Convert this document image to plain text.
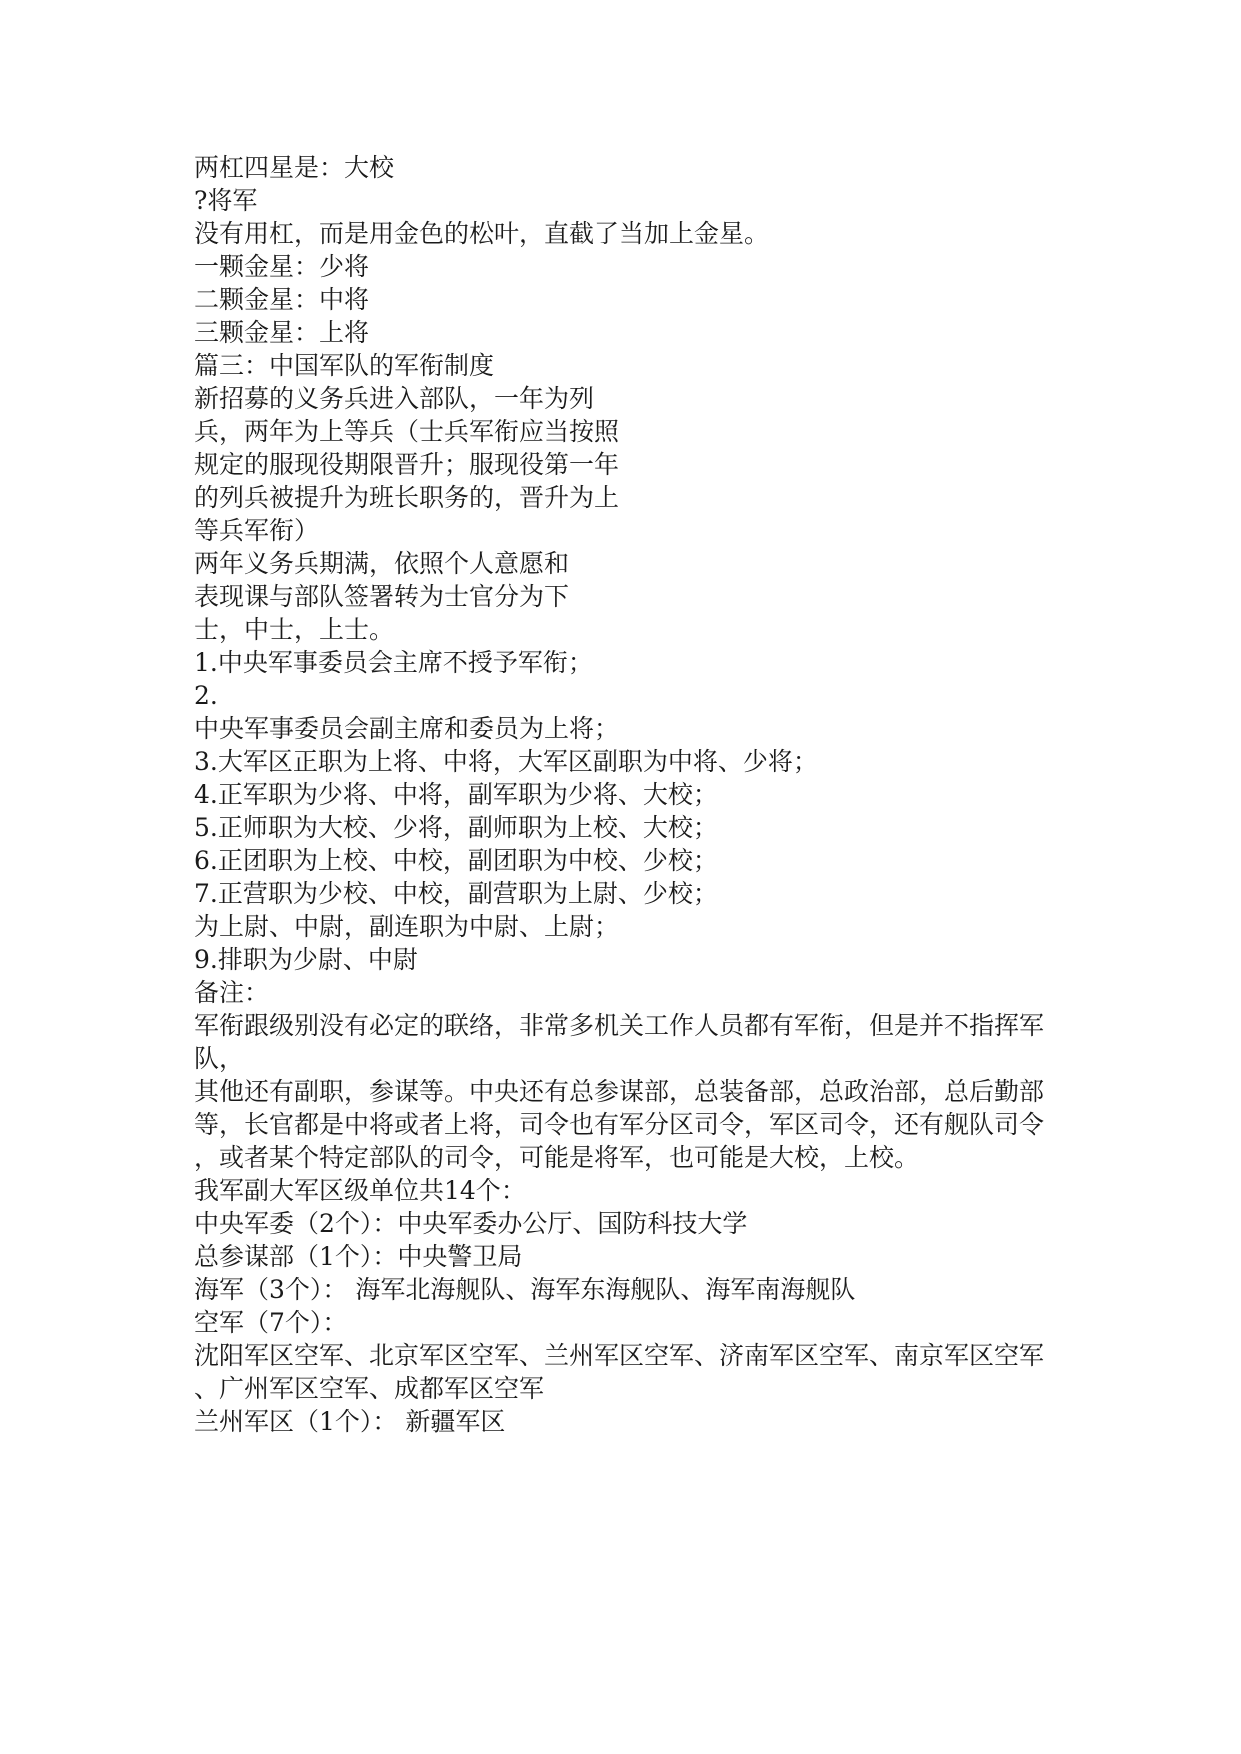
两杠四星是：大校
?将军
没有用杠，而是用金色的松叶，直截了当加上金星。
一颗金星：少将
二颗金星：中将
三颗金星：上将
篇三：中国军队的军衔制度
新招募的义务兵进入部队，一年为列
兵，两年为上等兵（士兵军衔应当按照
规定的服现役期限晋升；服现役第一年
的列兵被提升为班长职务的，晋升为上
等兵军衔）
两年义务兵期满，依照个人意愿和
表现课与部队签署转为士官分为下
士，中士，上士。
1.中央军事委员会主席不授予军衔；
2.
中央军事委员会副主席和委员为上将；
3.大军区正职为上将、中将，大军区副职为中将、少将；
4.正军职为少将、中将，副军职为少将、大校；
5.正师职为大校、少将，副师职为上校、大校；
6.正团职为上校、中校，副团职为中校、少校；
7.正营职为少校、中校，副营职为上尉、少校；
为上尉、中尉，副连职为中尉、上尉；
9.排职为少尉、中尉
备注：
军衔跟级别没有必定的联络，非常多机关工作人员都有军衔，但是并不指挥军
队，
其他还有副职，参谋等。中央还有总参谋部，总装备部，总政治部，总后勤部
等，长官都是中将或者上将，司令也有军分区司令，军区司令，还有舰队司令
，或者某个特定部队的司令，可能是将军，也可能是大校，上校。
我军副大军区级单位共14个：
中央军委（2个）：中央军委办公厅、国防科技大学
总参谋部（1个）：中央警卫局
海军（3个）： 海军北海舰队、海军东海舰队、海军南海舰队
空军（7个）：
沈阳军区空军、北京军区空军、兰州军区空军、济南军区空军、南京军区空军
、广州军区空军、成都军区空军
兰州军区（1个）： 新疆军区
